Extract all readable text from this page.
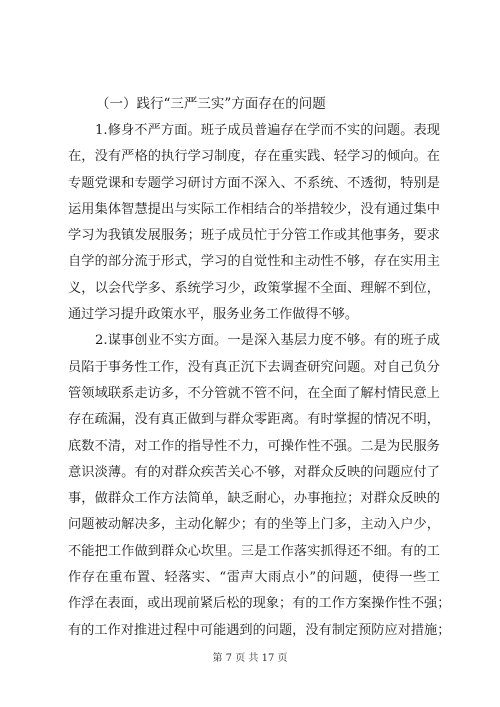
（一）践行“三严三实”方面存在的问题
1.修身不严方面。班子成员普遍存在学而不实的问题。表现
在，没有严格的执行学习制度，存在重实践、轻学习的倾向。在
专题党课和专题学习研讨方面不深入、不系统、不透彻，特别是
运用集体智慧提出与实际工作相结合的举措较少，没有通过集中
学习为我镇发展服务；班子成员忙于分管工作或其他事务，要求
自学的部分流于形式，学习的自觉性和主动性不够，存在实用主
义，以会代学多、系统学习少，政策掌握不全面、理解不到位，
通过学习提升政策水平，服务业务工作做得不够。
2.谋事创业不实方面。一是深入基层力度不够。有的班子成
员陷于事务性工作，没有真正沉下去调查研究问题。对自己负分
管领域联系走访多，不分管就不管不问，在全面了解村情民意上
存在疏漏，没有真正做到与群众零距离。有时掌握的情况不明，
底数不清，对工作的指导性不力，可操作性不强。二是为民服务
意识淡薄。有的对群众疾苦关心不够，对群众反映的问题应付了
事，做群众工作方法简单，缺乏耐心，办事拖拉；对群众反映的
问题被动解决多，主动化解少；有的坐等上门多，主动入户少，
不能把工作做到群众心坎里。三是工作落实抓得还不细。有的工
作存在重布置、轻落实、“雷声大雨点小”的问题，使得一些工
作浮在表面，或出现前紧后松的现象；有的工作方案操作性不强；
有的工作对推进过程中可能遇到的问题，没有制定预防应对措施；
第 7 页 共 17 页
